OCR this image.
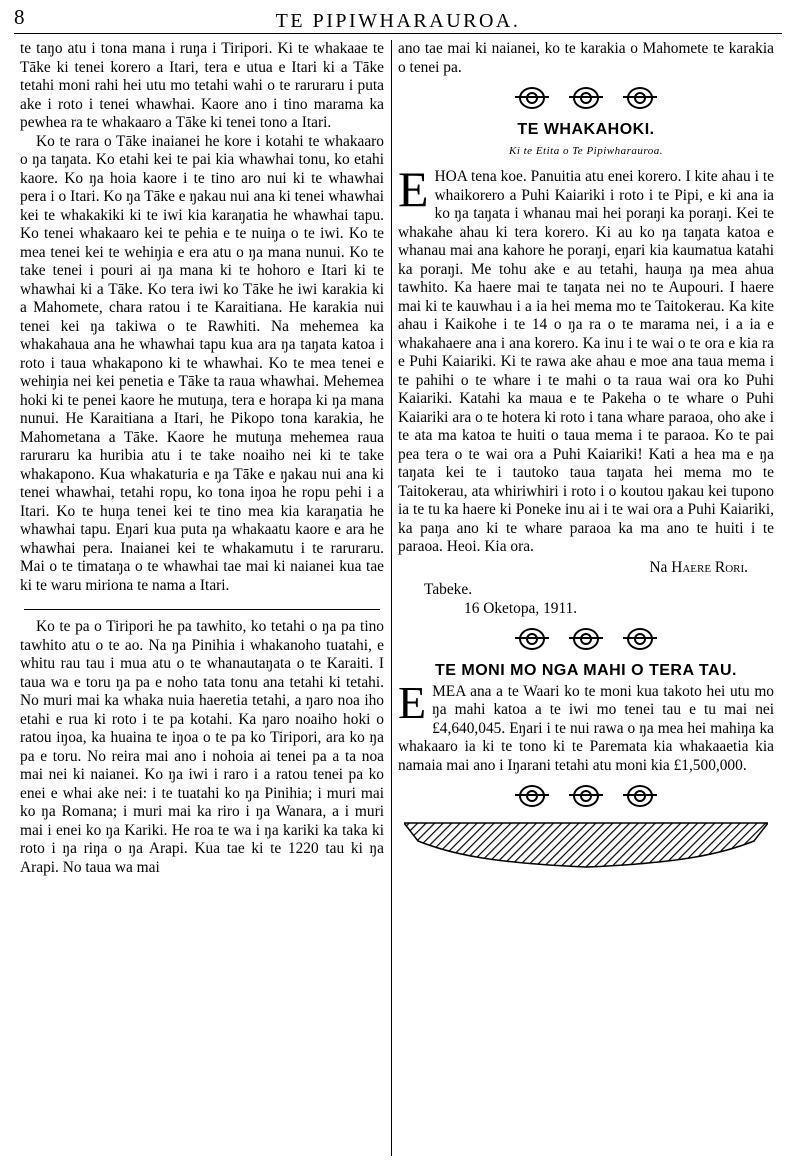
8	TE PIPIWHARAUROA.

te taŋo atu i tona mana i ruŋa i Tiripori. Ki te whakaae te Tāke ki tenei korero a Itari, tera e utua e Itari ki a Tāke tetahi moni rahi hei utu mo tetahi wahi o te raruraru i puta ake i roto i tenei whawhai. Kaore ano i tino marama ka pewhea ra te whakaaro a Tāke ki tenei tono a Itari.

Ko te rara o Tāke inaianei he kore i kotahi te whakaaro o ŋa taŋata. Ko etahi kei te pai kia whawhai tonu, ko etahi kaore. Ko ŋa hoia kaore i te tino aro nui ki te whawhai pera i o Itari. Ko ŋa Tāke e ŋakau nui ana ki tenei whawhai kei te whakakiki ki te iwi kia karaŋatia he whawhai tapu. Ko tenei whakaaro kei te pehia e te nuiŋa o te iwi. Ko te mea tenei kei te wehiŋia e era atu o ŋa mana nunui. Ko te take tenei i pouri ai ŋa mana ki te hohoro e Itari ki te whawhai ki a Tāke. Ko tera iwi ko Tāke he iwi karakia ki a Mahomete, chara ratou i te Karaitiana. He karakia nui tenei kei ŋa takiwa o te Rawhiti. Na mehemea ka whakahaua ana he whawhai tapu kua ara ŋa taŋata katoa i roto i taua whakapono ki te whawhai. Ko te mea tenei e wehiŋia nei kei penetia e Tāke ta raua whawhai. Mehemea hoki ki te penei kaore he mutuŋa, tera e horapa ki ŋa mana nunui. He Karaitiana a Itari, he Pikopo tona karakia, he Mahometana a Tāke. Kaore he mutuŋa mehemea raua raruraru ka huribia atu i te take noaiho nei ki te take whakapono. Kua whakaturia e ŋa Tāke e ŋakau nui ana ki tenei whawhai, tetahi ropu, ko tona iŋoa he ropu pehi i a Itari. Ko te huŋa tenei kei te tino mea kia karaŋatia he whawhai tapu. Eŋari kua puta ŋa whakaatu kaore e ara he whawhai pera. Inaianei kei te whakamutu i te raruraru. Mai o te timataŋa o te whawhai tae mai ki naianei kua tae ki te waru miriona te nama a Itari.

Ko te pa o Tiripori he pa tawhito, ko tetahi o ŋa pa tino tawhito atu o te ao. Na ŋa Pinihia i whakanoho tuatahi, e whitu rau tau i mua atu o te whanautaŋata o te Karaiti. I taua wa e toru ŋa pa e noho tata tonu ana tetahi ki tetahi. No muri mai ka whaka nuia haeretia tetahi, a ŋaro noa iho etahi e rua ki roto i te pa kotahi. Ka ŋaro noaiho hoki o ratou iŋoa, ka huaina te iŋoa o te pa ko Tiripori, ara ko ŋa pa e toru. No reira mai ano i nohoia ai tenei pa a ta noa mai nei ki naianei. Ko ŋa iwi i raro i a ratou tenei pa ko enei e whai ake nei: i te tuatahi ko ŋa Pinihia; i muri mai ko ŋa Romana; i muri mai ka riro i ŋa Wanara, a i muri mai i enei ko ŋa Kariki. He roa te wa i ŋa kariki ka taka ki roto i ŋa riŋa o ŋa Arapi. Kua tae ki te 1220 tau ki ŋa Arapi. No taua wa mai

ano tae mai ki naianei, ko te karakia o Mahomete te karakia o tenei pa.

TE WHAKAHOKI.
Ki te Etita o Te Pipiwharauroa.

EHOA tena koe. Panuitia atu enei korero. I kite ahau i te whaikorero a Puhi Kaiariki i roto i te Pipi, e ki ana ia ko ŋa taŋata i whanau mai hei poraŋi ka poraŋi. Kei te whakahe ahau ki tera korero. Ki au ko ŋa taŋata katoa e whanau mai ana kahore he poraŋi, eŋari kia kaumatua katahi ka poraŋi. Me tohu ake e au tetahi, hauŋa ŋa mea ahua tawhito. Ka haere mai te taŋata nei no te Aupouri. I haere mai ki te kauwhau i a ia hei mema mo te Taitokerau. Ka kite ahau i Kaikohe i te 14 o ŋa ra o te marama nei, i a ia e whakahaere ana i ana korero. Ka inu i te wai o te ora e kia ra e Puhi Kaiariki. Ki te rawa ake ahau e moe ana taua mema i te pahihi o te whare i te mahi o ta raua wai ora ko Puhi Kaiariki. Katahi ka maua e te Pakeha o te whare o Puhi Kaiariki ara o te hotera ki roto i tana whare paraoa, oho ake i te ata ma katoa te huiti o taua mema i te paraoa. Ko te pai pea tera o te wai ora a Puhi Kaiariki! Kati a hea ma e ŋa taŋata kei te i tautoko taua taŋata hei mema mo te Taitokerau, ata whiriwhiri i roto i o koutou ŋakau kei tupono ia te tu ka haere ki Poneke inu ai i te wai ora a Puhi Kaiariki, ka paŋa ano ki te whare paraoa ka ma ano te huiti i te paraoa. Heoi. Kia ora.

Na Haere Rori.

Tabeke.

16 Oketopa, 1911.

TE MONI MO NGA MAHI O TERA TAU.

EMEA ana a te Waari ko te moni kua takoto hei utu mo ŋa mahi katoa a te iwi mo tenei tau e tu mai nei £4,640,045. Eŋari i te nui rawa o ŋa mea hei mahiŋa ka whakaaro ia ki te tono ki te Paremata kia whakaaetia kia namaia mai ano i Iŋarani tetahi atu moni kia £1,500,000.
